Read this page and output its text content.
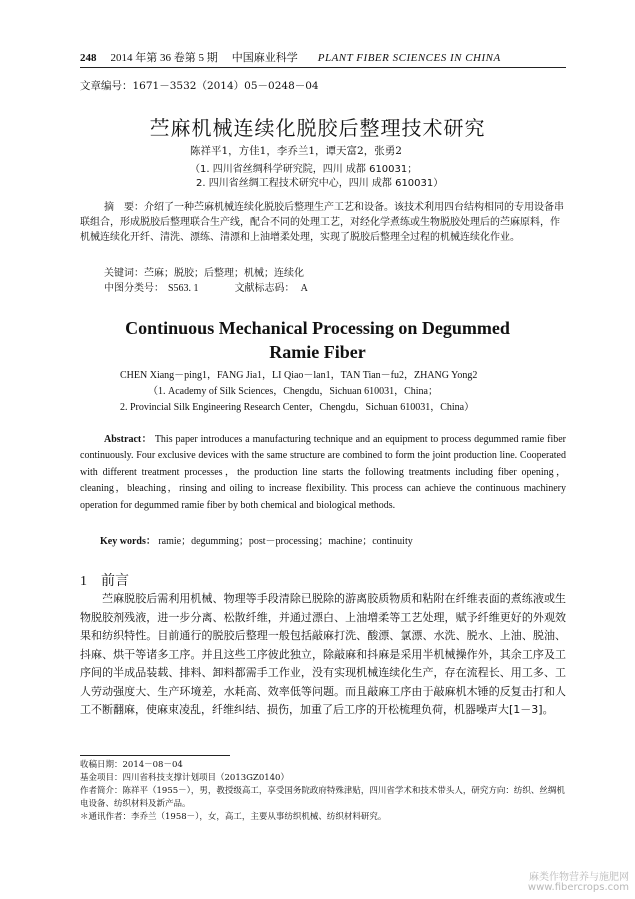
248 2014 年第 36 卷第 5 期 中国麻业科学 PLANT FIBER SCIENCES IN CHINA
文章编号：1671－3532（2014）05－0248－04
苎麻机械连续化脱胶后整理技术研究
陈祥平1，方佳1，李乔兰1，谭天富2，张勇2
（1. 四川省丝绸科学研究院，四川 成都 610031；
2. 四川省丝绸工程技术研究中心，四川 成都 610031）
摘　要：介绍了一种苎麻机械连续化脱胶后整理生产工艺和设备。该技术利用四台结构相同的专用设备串联组合，形成脱胶后整理联合生产线，配合不同的处理工艺，对经化学煮练或生物脱胶处理后的苎麻原料，作机械连续化开纤、清洗、漂练、清漂和上油增柔处理，实现了脱胶后整理全过程的机械连续化作业。
关键词：苎麻；脱胶；后整理；机械；连续化
中图分类号： S563. 1	文献标志码： A
Continuous Mechanical Processing on Degummed
Ramie Fiber
CHEN Xiang－ping1，FANG Jia1，LI Qiao－lan1，TAN Tian－fu2，ZHANG Yong2
（1. Academy of Silk Sciences，Chengdu，Sichuan 610031，China；
2. Provincial Silk Engineering Research Center，Chengdu，Sichuan 610031，China）
Abstract： This paper introduces a manufacturing technique and an equipment to process degummed ramie fiber continuously. Four exclusive devices with the same structure are combined to form the joint production line. Cooperated with different treatment processes，the production line starts the following treatments including fiber opening，cleaning，bleaching，rinsing and oiling to increase flexibility. This process can achieve the continuous machinery operation for degummed ramie fiber by both chemical and biological methods.
Key words： ramie；degumming；post－processing；machine；continuity
1 前言
苎麻脱胶后需利用机械、物理等手段清除已脱除的游离胶质物质和粘附在纤维表面的煮练液或生物脱胶剂残液，进一步分离、松散纤维，并通过漂白、上油增柔等工艺处理，赋予纤维更好的外观效果和纺织特性。目前通行的脱胶后整理一般包括敲麻打洗、酸漂、氯漂、水洗、脱水、上油、脱油、抖麻、烘干等诸多工序。并且这些工序彼此独立，除敲麻和抖麻是采用半机械操作外，其余工序及工序间的半成品装载、排料、卸料都需手工作业，没有实现机械连续化生产，存在流程长、用工多、工人劳动强度大、生产环境差，水耗高、效率低等问题。而且敲麻工序由于敲麻机木锤的反复击打和人工不断翻麻，使麻束凌乱，纤维纠结、损伤，加重了后工序的开松梳理负荷，机器噪声大[1－3]。
收稿日期：2014－08－04
基金项目：四川省科技支撑计划项目（2013GZ0140）
作者简介：陈祥平（1955－），男，教授级高工，享受国务院政府特殊津贴，四川省学术和技术带头人，研究方向：纺织、丝绸机电设备、纺织材料及新产品。
＊通讯作者：李乔兰（1958－），女，高工，主要从事纺织机械、纺织材料研究。
麻类作物营养与施肥网
www.fibercrops.com
